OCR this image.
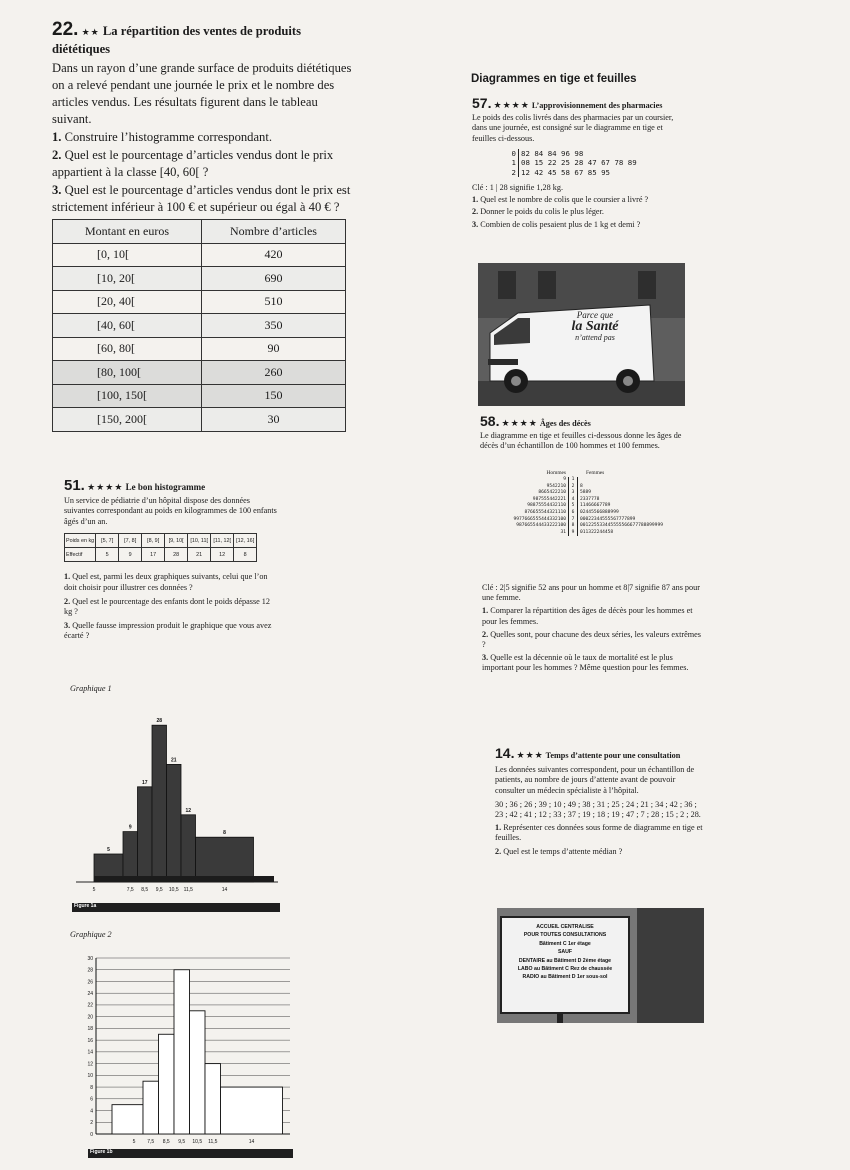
22. ★★ La répartition des ventes de produits diététiques

Dans un rayon d’une grande surface de produits diététiques on a relevé pendant une journée le prix et le nombre des articles vendus. Les résultats figurent dans le tableau suivant.

1. Construire l’histogramme correspondant.

2. Quel est le pourcentage d’articles vendus dont le prix appartient à la classe [40, 60[ ?

3. Quel est le pourcentage d’articles vendus dont le prix est strictement inférieur à 100 € et supérieur ou égal à 40 € ?

Montant en euros	Nombre d’articles
[0, 10[	420
[10, 20[	690
[20, 40[	510
[40, 60[	350
[60, 80[	90
[80, 100[	260
[100, 150[	150
[150, 200[	30
51. ★★★★ Le bon histogramme

Un service de pédiatrie d’un hôpital dispose des données suivantes correspondant au poids en kilogrammes de 100 enfants âgés d’un an.

Poids en kg	[5, 7[	[7, 8[	[8, 9[	[9, 10[	[10, 11[	[11, 12[	[12, 16[
Effectif	5	9	17	28	21	12	8

1. Quel est, parmi les deux graphiques suivants, celui que l’on doit choisir pour illustrer ces données ?

2. Quel est le pourcentage des enfants dont le poids dépasse 12 kg ?

3. Quelle fausse impression produit le graphique que vous avez écarté ?

Graphique 1
5
9
17
28
21
12
8
5	7,5 8,5 9,5 10,5 11,5	14
Figure 1a
Graphique 2
0
2
4
6
8
10
12
14
16
18
20
22
24
26
28
30
5 7,5 8,5 9,5 10,5 11,5	14
Figure 1b
Diagrammes en tige et feuilles
57. ★★★★ L’approvisionnement des pharmacies

Le poids des colis livrés dans des pharmacies par un coursier, dans une journée, est consigné sur le diagramme en tige et feuilles ci-dessous.

0 82 84 84 96 98
1 08 15 22 25 28 47 67 78 89
2 12 42 45 58 67 85 95

Clé : 1 | 28 signifie 1,28 kg.

1. Quel est le nombre de colis que le coursier a livré ?

2. Donner le poids du colis le plus léger.

3. Combien de colis pesaient plus de 1 kg et demi ?

Parce que
la Santé
n’attend pas
58. ★★★★ Âges des décès

Le diagramme en tige et feuilles ci-dessous donne les âges de décès d’un échantillon de 100 hommes et 100 femmes.

Hommes	Femmes
9	1
9542210	2	8
8665422210	3	5889
987555442221	4	2337778
98875554432110	5	11466667789
876655544321110	6	02445566888999
9977666555444332100	7	00022344555567777899
987665544433222100	8	001225533445555566677788899999
31	9	011322244458

Clé : 2|5 signifie 52 ans pour un homme et 8|7 signifie 87 ans pour une femme.

1. Comparer la répartition des âges de décès pour les hommes et pour les femmes.

2. Quelles sont, pour chacune des deux séries, les valeurs extrêmes ?

3. Quelle est la décennie où le taux de mortalité est le plus important pour les hommes ? Même question pour les femmes.

14. ★★★ Temps d’attente pour une consultation

Les données suivantes correspondent, pour un échantillon de patients, au nombre de jours d’attente avant de pouvoir consulter un médecin spécialiste à l’hôpital.

30 ; 36 ; 26 ; 39 ; 10 ; 49 ; 38 ; 31 ; 25 ; 24 ; 21 ; 34 ; 42 ; 36 ; 23 ; 42 ; 41 ; 12 ; 33 ; 37 ; 19 ; 18 ; 19 ; 47 ; 7 ; 28 ; 15 ; 2 ; 28.

1. Représenter ces données sous forme de diagramme en tige et feuilles.

2. Quel est le temps d’attente médian ?

ACCUEIL CENTRALISE
POUR TOUTES CONSULTATIONS
Bâtiment C 1er étage
SAUF
DENTAIRE au Bâtiment D 2ème étage
LABO au Bâtiment C Rez de chaussée
RADIO au Bâtiment D 1er sous-sol
